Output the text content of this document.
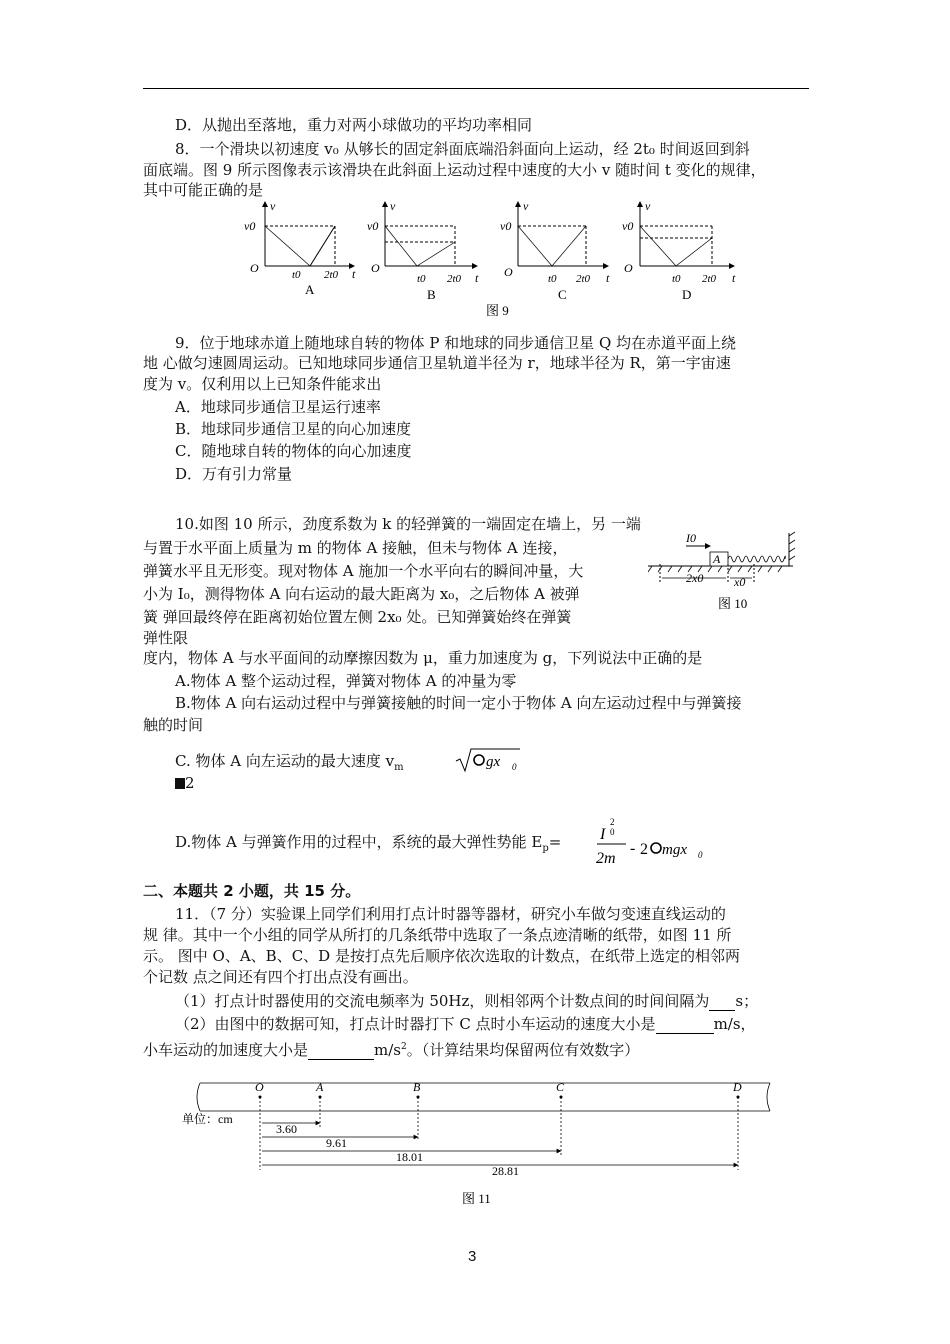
D．从抛出至落地，重力对两小球做功的平均功率相同
8．一个滑块以初速度 v₀ 从够长的固定斜面底端沿斜面向上运动，经 2t₀ 时间返回到斜
面底端。图 9 所示图像表示该滑块在此斜面上运动过程中速度的大小 v 随时间 t 变化的规律，
其中可能正确的是
v
v0
O	t0 2t0 t
A
v
v0
O
t0 2t0 t
B
v
v0
O	t0 2t0 t
C
v
v0
O
t0 2t0 t
D
图 9
9．位于地球赤道上随地球自转的物体 P 和地球的同步通信卫星 Q 均在赤道平面上绕
地 心做匀速圆周运动。已知地球同步通信卫星轨道半径为 r，地球半径为 R，第一宇宙速
度为 v。仅利用以上已知条件能求出
A．地球同步通信卫星运行速率
B．地球同步通信卫星的向心加速度
C．随地球自转的物体的向心加速度
D．万有引力常量
10.如图 10 所示，劲度系数为 k 的轻弹簧的一端固定在墙上，另 一端
与置于水平面上质量为 m 的物体 A 接触，但未与物体 A 连接，
弹簧水平且无形变。现对物体 A 施加一个水平向右的瞬间冲量，大
小为 I₀，测得物体 A 向右运动的最大距离为 x₀，之后物体 A 被弹
簧 弹回最终停在距离初始位置左侧 2x₀ 处。已知弹簧始终在弹簧
弹性限
度内，物体 A 与水平面间的动摩擦因数为 μ，重力加速度为 g，下列说法中正确的是
I0
A
2x0	x0
图 10
A.物体 A 整个运动过程，弹簧对物体 A 的冲量为零
B.物体 A 向右运动过程中与弹簧接触的时间一定小于物体 A 向左运动过程中与弹簧接
触的时间
C. 物体 A 向左运动的最大速度 $v_m$	gx 0
2
D.物体 A 与弹簧作用的过程中，系统的最大弹性势能 $E_p=$
2
I 0
2m
- 2 mgx 0
二、本题共 2 小题，共 15 分。
11．（7 分）实验课上同学们利用打点计时器等器材，研究小车做匀变速直线运动的
规 律。其中一个小组的同学从所打的几条纸带中选取了一条点迹清晰的纸带，如图 11 所
示。 图中 O、A、B、C、D 是按打点先后顺序依次选取的计数点，在纸带上选定的相邻两
个记数 点之间还有四个打出点没有画出。
（1）打点计时器使用的交流电频率为 50Hz，则相邻两个计数点间的时间间隔为 s；
（2）由图中的数据可知，打点计时器打下 C 点时小车运动的速度大小是	m/s，
小车运动的加速度大小是	$m/s^2$。（计算结果均保留两位有效数字）
O	A	B	C	D
单位：cm
3.60
9.61
18.01
28.81
图 11
3
